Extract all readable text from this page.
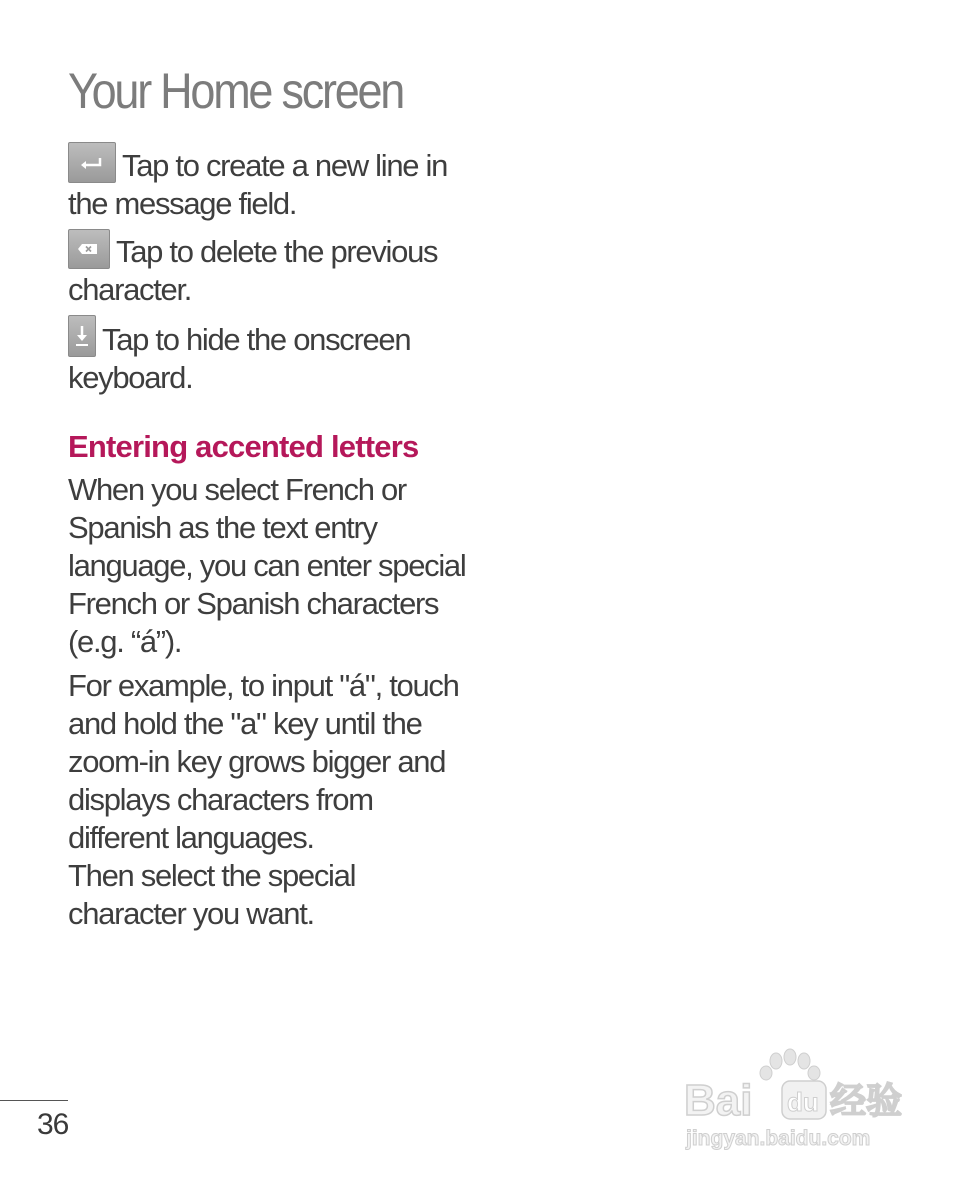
Your Home screen

Tap to create a new line in the message field.

Tap to delete the previous character.

Tap to hide the onscreen keyboard.

Entering accented letters

When you select French or Spanish as the text entry language, you can enter special French or Spanish characters (e.g. “á”).

For example, to input "á", touch and hold the "a" key until the zoom-in key grows bigger and displays characters from different languages.

Then select the special character you want.

36	Bai du 经验
jingyan.baidu.com
